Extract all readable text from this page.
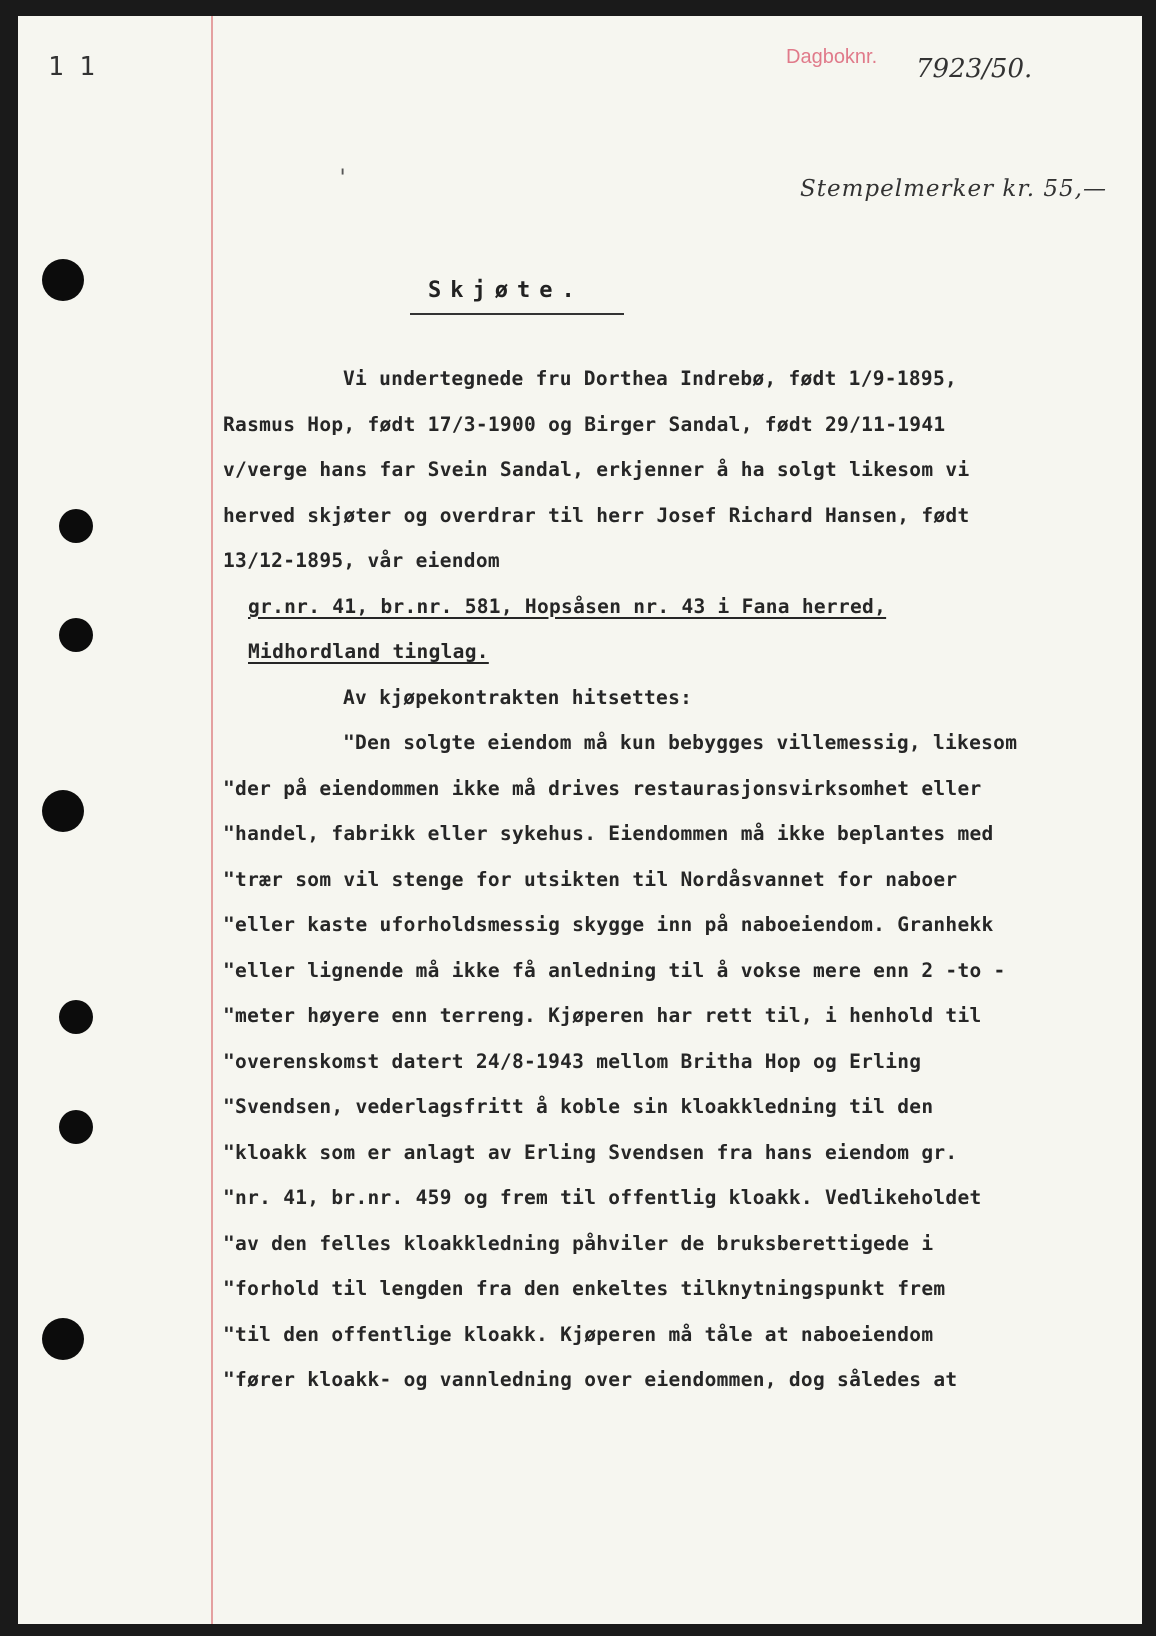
1 1
'
Dagboknr. 7923/50.
Stempelmerker kr. 55,—
Skjøte.
Vi undertegnede fru Dorthea Indrebø, født 1/9-1895,
Rasmus Hop, født 17/3-1900 og Birger Sandal, født 29/11-1941
v/verge hans far Svein Sandal, erkjenner å ha solgt likesom vi
herved skjøter og overdrar til herr Josef Richard Hansen, født
13/12-1895, vår eiendom
gr.nr. 41, br.nr. 581, Hopsåsen nr. 43 i Fana herred,
Midhordland tinglag.
Av kjøpekontrakten hitsettes:
"Den solgte eiendom må kun bebygges villemessig, likesom
"der på eiendommen ikke må drives restaurasjonsvirksomhet eller
"handel, fabrikk eller sykehus. Eiendommen må ikke beplantes med
"trær som vil stenge for utsikten til Nordåsvannet for naboer
"eller kaste uforholdsmessig skygge inn på naboeiendom. Granhekk
"eller lignende må ikke få anledning til å vokse mere enn 2 -to -
"meter høyere enn terreng. Kjøperen har rett til, i henhold til
"overenskomst datert 24/8-1943 mellom Britha Hop og Erling
"Svendsen, vederlagsfritt å koble sin kloakkledning til den
"kloakk som er anlagt av Erling Svendsen fra hans eiendom gr.
"nr. 41, br.nr. 459 og frem til offentlig kloakk. Vedlikeholdet
"av den felles kloakkledning påhviler de bruksberettigede i
"forhold til lengden fra den enkeltes tilknytningspunkt frem
"til den offentlige kloakk. Kjøperen må tåle at naboeiendom
"fører kloakk- og vannledning over eiendommen, dog således at
